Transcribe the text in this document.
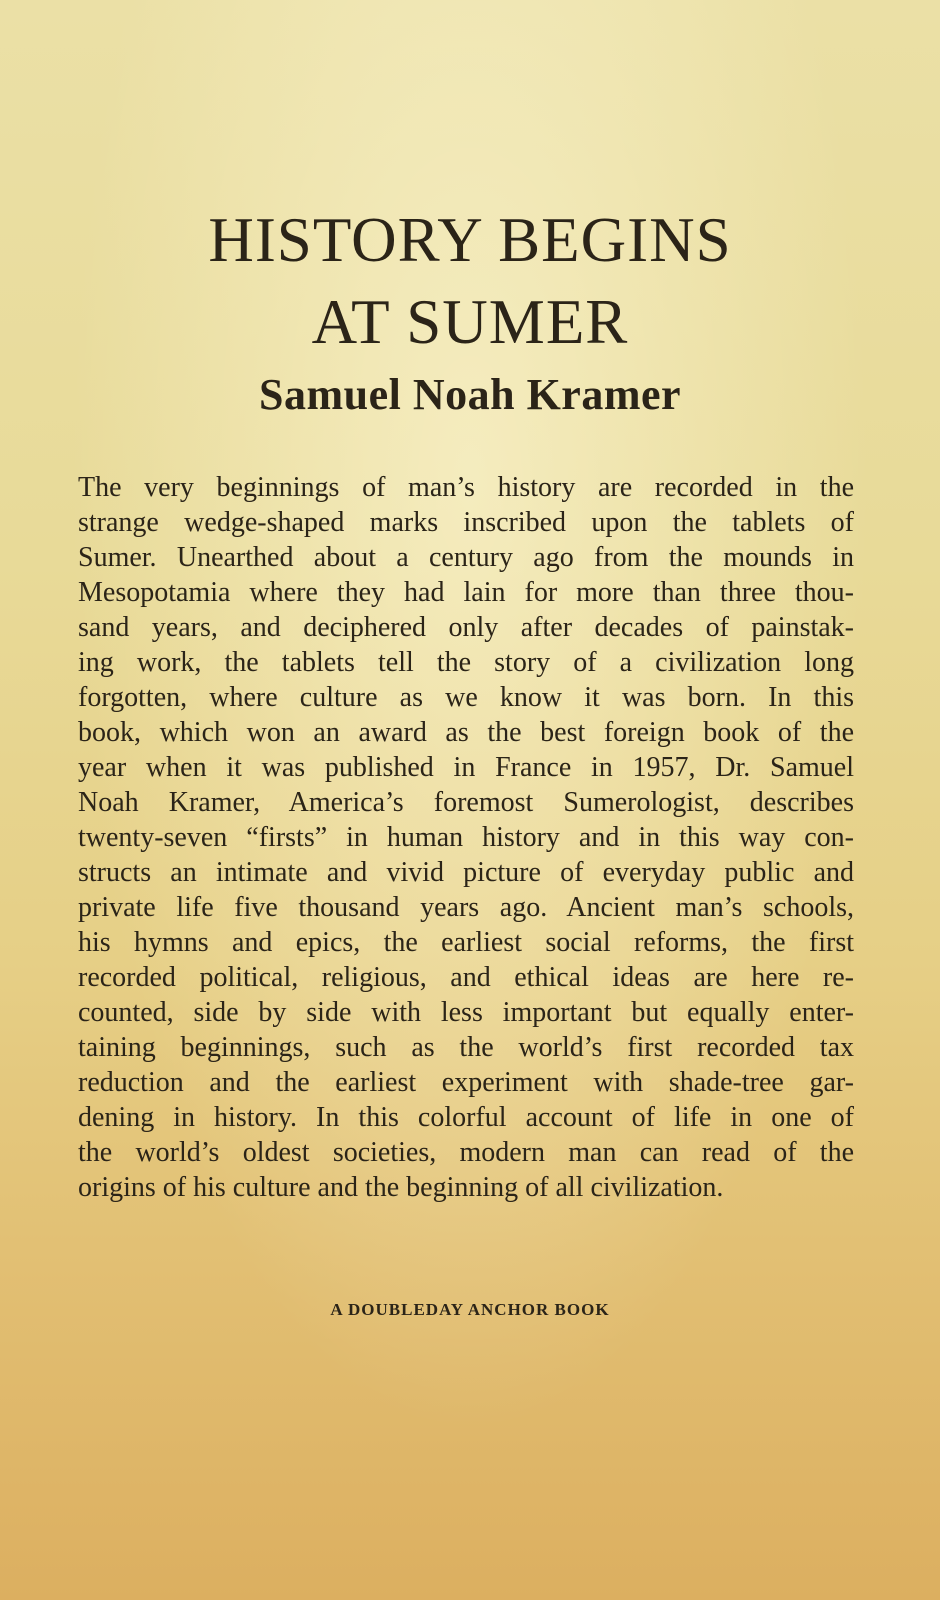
HISTORY BEGINS
AT SUMER
Samuel Noah Kramer
The very beginnings of man’s history are recorded in the
strange wedge-shaped marks inscribed upon the tablets of
Sumer. Unearthed about a century ago from the mounds in
Mesopotamia where they had lain for more than three thou-
sand years, and deciphered only after decades of painstak-
ing work, the tablets tell the story of a civilization long
forgotten, where culture as we know it was born. In this
book, which won an award as the best foreign book of the
year when it was published in France in 1957, Dr. Samuel
Noah Kramer, America’s foremost Sumerologist, describes
twenty-seven “firsts” in human history and in this way con-
structs an intimate and vivid picture of everyday public and
private life five thousand years ago. Ancient man’s schools,
his hymns and epics, the earliest social reforms, the first
recorded political, religious, and ethical ideas are here re-
counted, side by side with less important but equally enter-
taining beginnings, such as the world’s first recorded tax
reduction and the earliest experiment with shade-tree gar-
dening in history. In this colorful account of life in one of
the world’s oldest societies, modern man can read of the
origins of his culture and the beginning of all civilization.
A DOUBLEDAY ANCHOR BOOK
